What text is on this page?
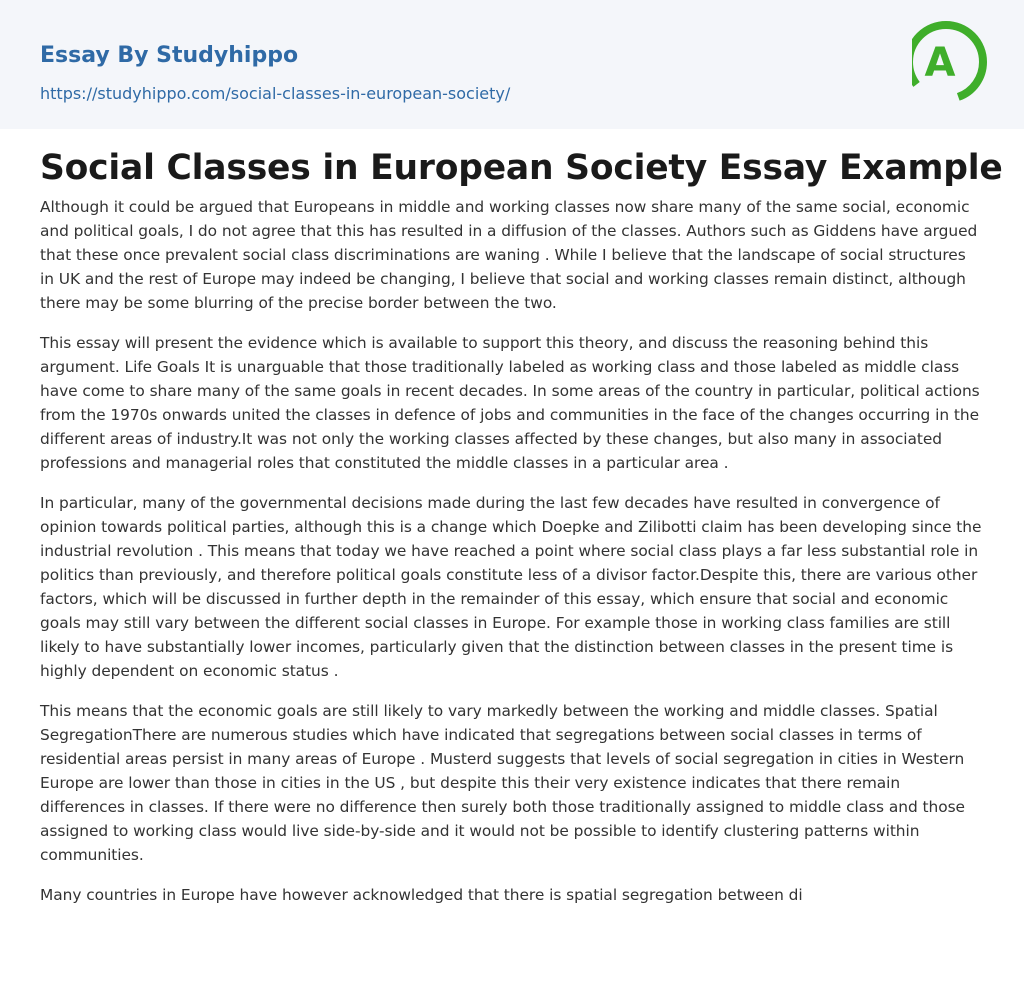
Essay By Studyhippo
https://studyhippo.com/social-classes-in-european-society/
A
Social Classes in European Society Essay Example

Although it could be argued that Europeans in middle and working classes now share many of the same social, economic and political goals, I do not agree that this has resulted in a diffusion of the classes. Authors such as Giddens have argued that these once prevalent social class discriminations are waning . While I believe that the landscape of social structures in UK and the rest of Europe may indeed be changing, I believe that social and working classes remain distinct, although there may be some blurring of the precise border between the two.

This essay will present the evidence which is available to support this theory, and discuss the reasoning behind this argument. Life Goals It is unarguable that those traditionally labeled as working class and those labeled as middle class have come to share many of the same goals in recent decades. In some areas of the country in particular, political actions from the 1970s onwards united the classes in defence of jobs and communities in the face of the changes occurring in the different areas of industry.It was not only the working classes affected by these changes, but also many in associated professions and managerial roles that constituted the middle classes in a particular area .

In particular, many of the governmental decisions made during the last few decades have resulted in convergence of opinion towards political parties, although this is a change which Doepke and Zilibotti claim has been developing since the industrial revolution . This means that today we have reached a point where social class plays a far less substantial role in politics than previously, and therefore political goals constitute less of a divisor factor.Despite this, there are various other factors, which will be discussed in further depth in the remainder of this essay, which ensure that social and economic goals may still vary between the different social classes in Europe. For example those in working class families are still likely to have substantially lower incomes, particularly given that the distinction between classes in the present time is highly dependent on economic status .

This means that the economic goals are still likely to vary markedly between the working and middle classes. Spatial SegregationThere are numerous studies which have indicated that segregations between social classes in terms of residential areas persist in many areas of Europe . Musterd suggests that levels of social segregation in cities in Western Europe are lower than those in cities in the US , but despite this their very existence indicates that there remain differences in classes. If there were no difference then surely both those traditionally assigned to middle class and those assigned to working class would live side-by-side and it would not be possible to identify clustering patterns within communities.

Many countries in Europe have however acknowledged that there is spatial segregation between di
